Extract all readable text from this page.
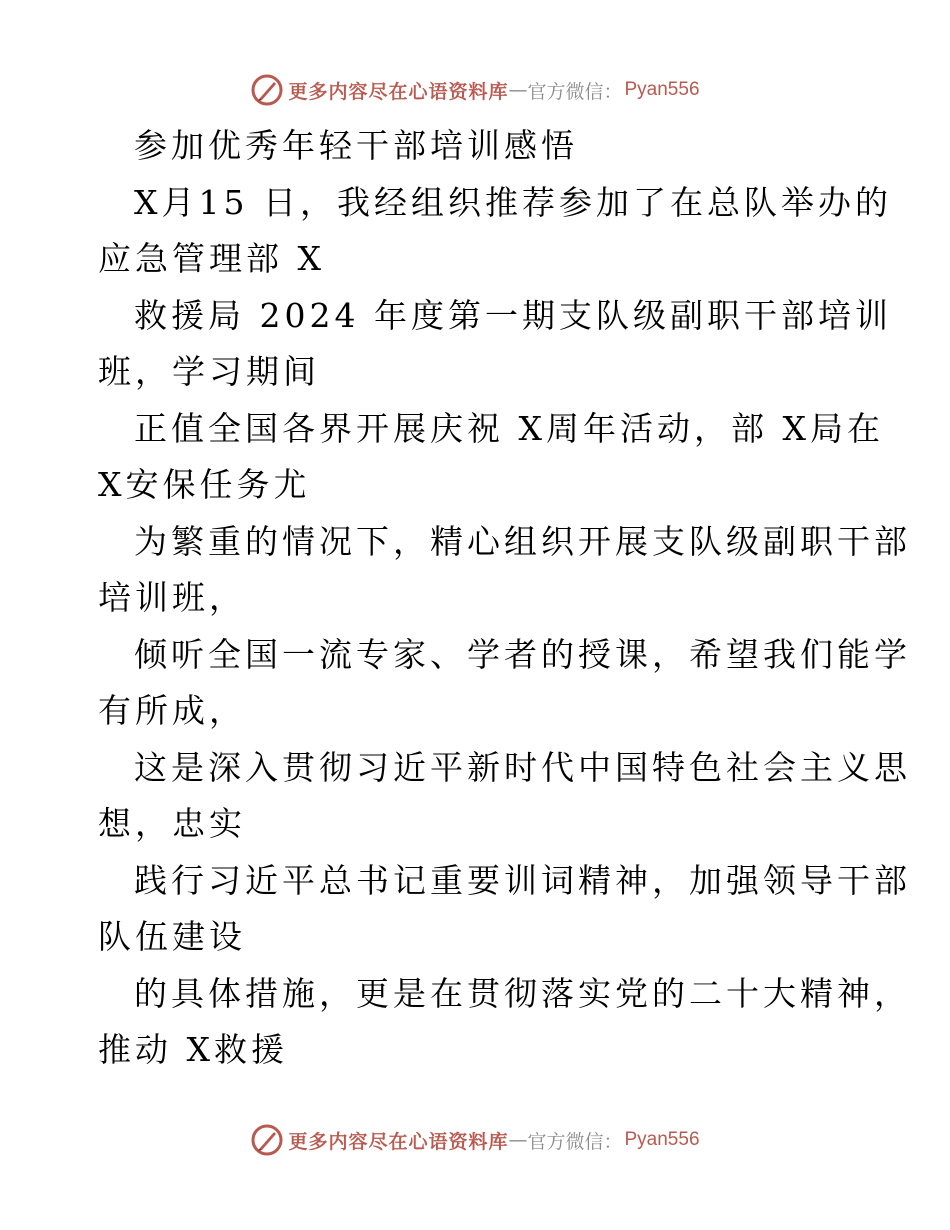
更多内容尽在心语资料库 — 官方微信： Pyan556
参加优秀年轻干部培训感悟
X月15 日，我经组织推荐参加了在总队举办的
应急管理部 X
救援局 2024 年度第一期支队级副职干部培训
班，学习期间
正值全国各界开展庆祝 X周年活动，部 X局在
X安保任务尤
为繁重的情况下，精心组织开展支队级副职干部
培训班，
倾听全国一流专家、学者的授课，希望我们能学
有所成，
这是深入贯彻习近平新时代中国特色社会主义思
想，忠实
践行习近平总书记重要训词精神，加强领导干部
队伍建设
的具体措施，更是在贯彻落实党的二十大精神，
推动 X救援
更多内容尽在心语资料库 — 官方微信： Pyan556
